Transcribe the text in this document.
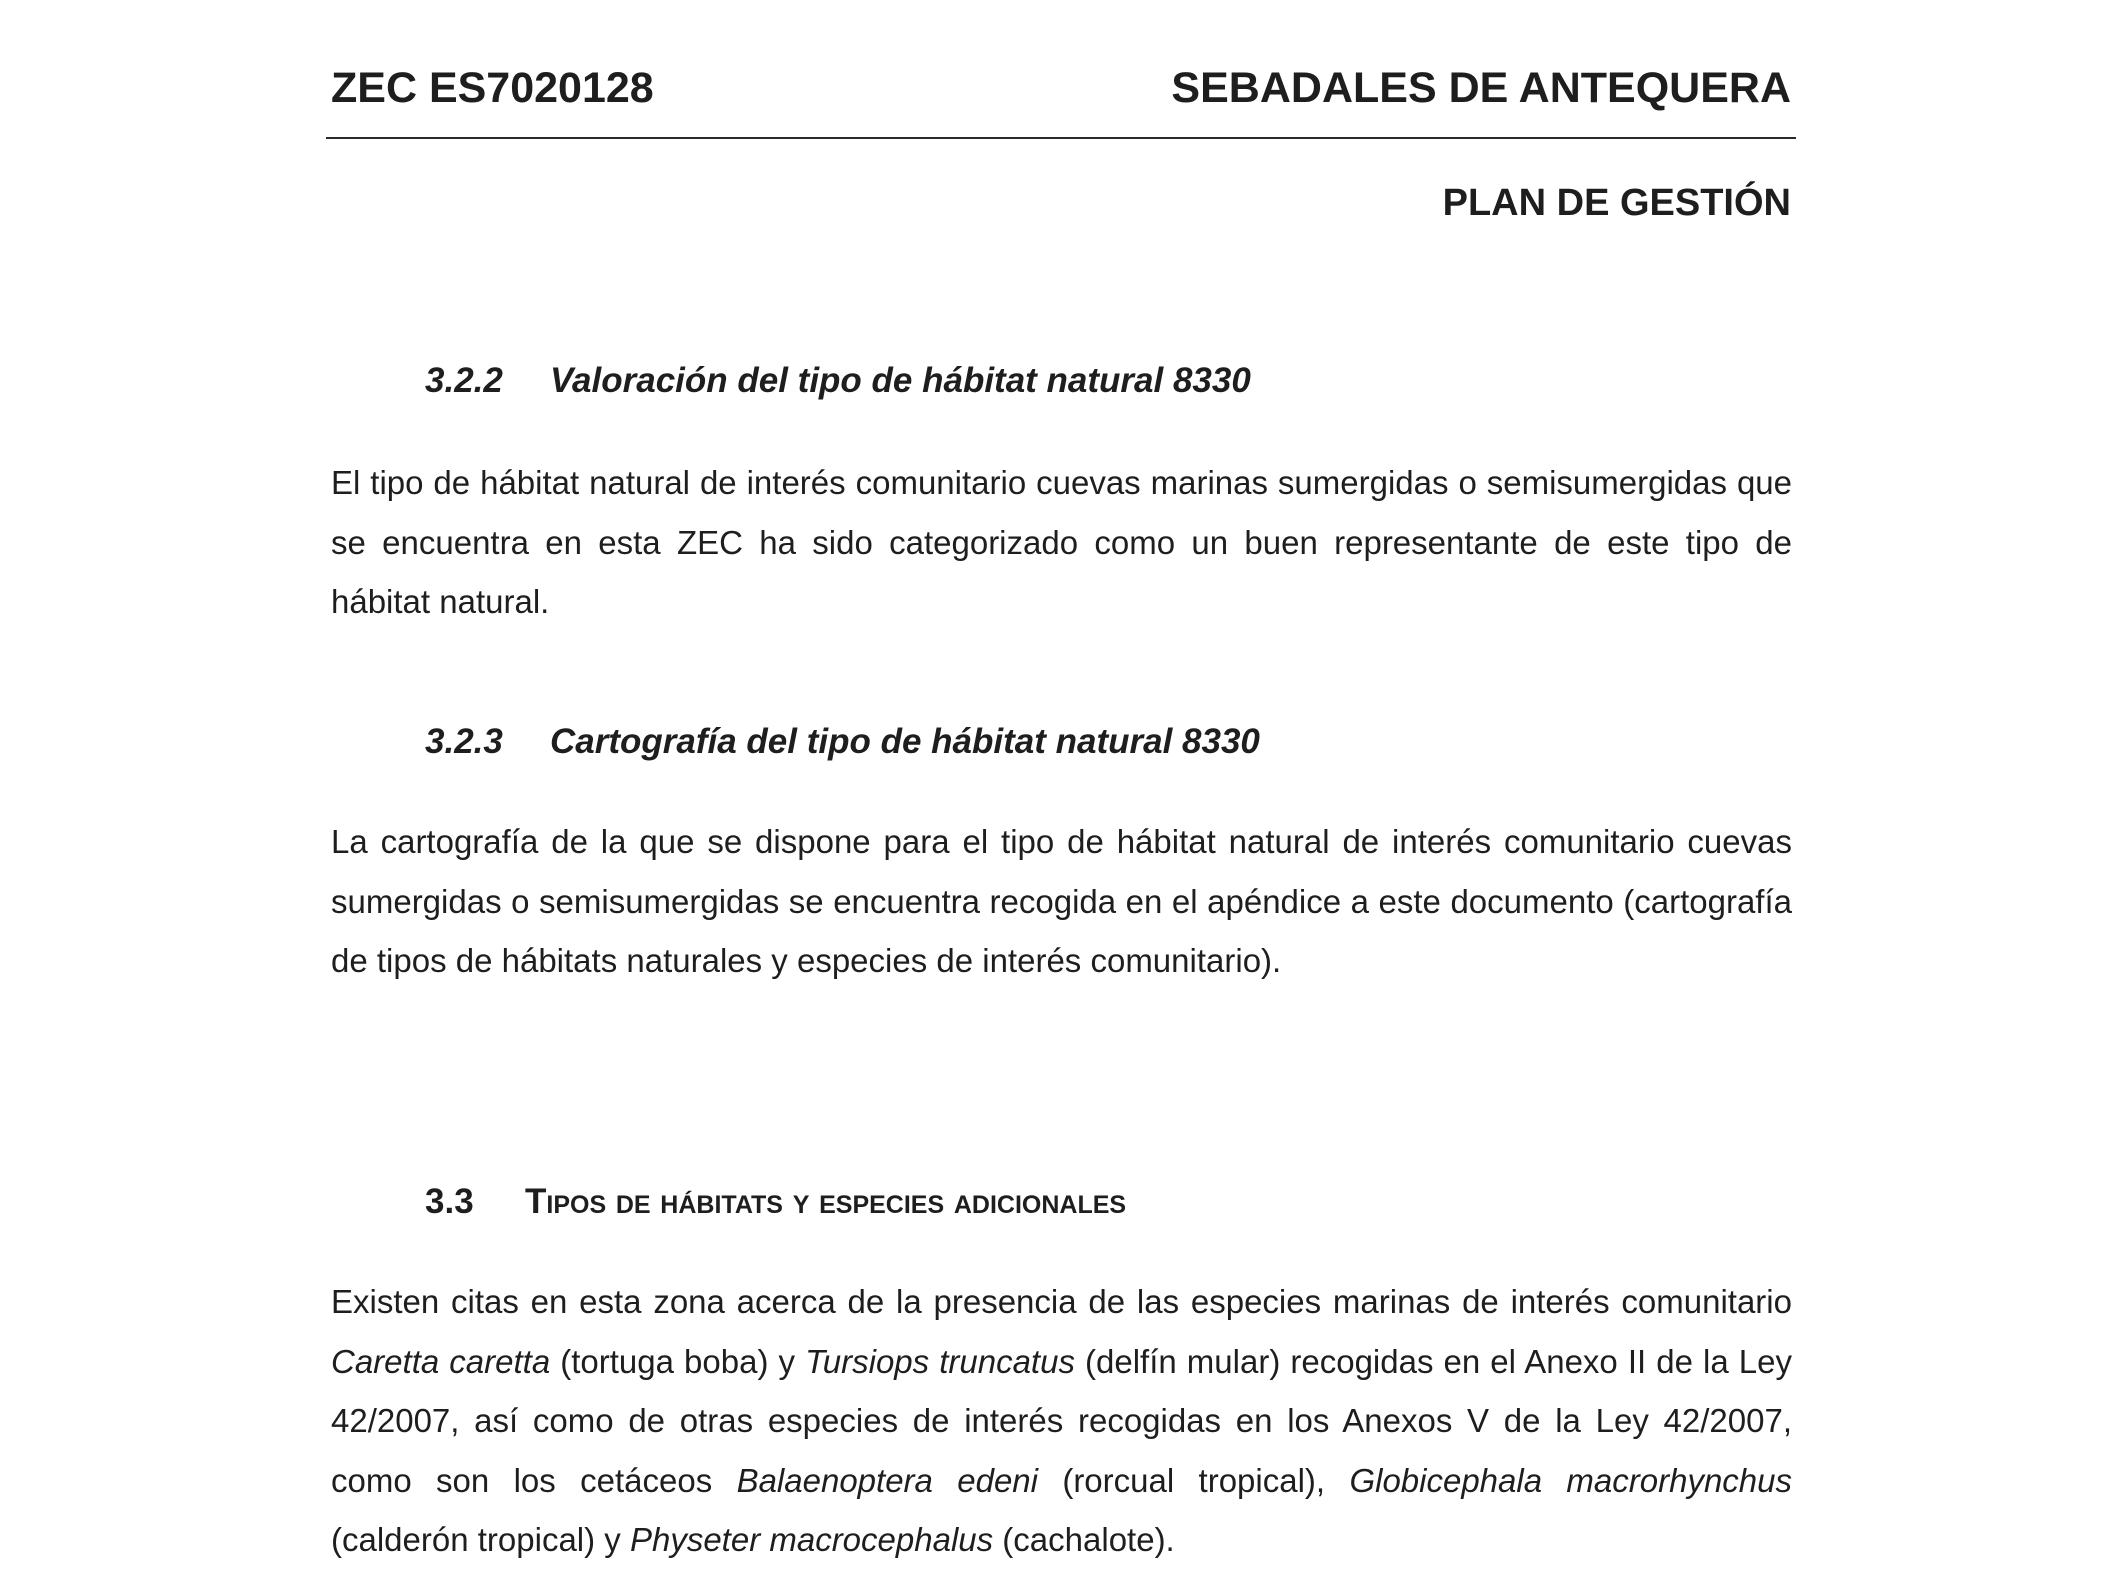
ZEC ES7020128	SEBADALES DE ANTEQUERA
PLAN DE GESTIÓN
3.2.2 Valoración del tipo de hábitat natural 8330
El tipo de hábitat natural de interés comunitario cuevas marinas sumergidas o semisumergidas que se encuentra en esta ZEC ha sido categorizado como un buen representante de este tipo de hábitat natural.
3.2.3 Cartografía del tipo de hábitat natural 8330
La cartografía de la que se dispone para el tipo de hábitat natural de interés comunitario cuevas sumergidas o semisumergidas se encuentra recogida en el apéndice a este documento (cartografía de tipos de hábitats naturales y especies de interés comunitario).
3.3 Tipos de hábitats y especies adicionales
Existen citas en esta zona acerca de la presencia de las especies marinas de interés comunitario Caretta caretta (tortuga boba) y Tursiops truncatus (delfín mular) recogidas en el Anexo II de la Ley 42/2007, así como de otras especies de interés recogidas en los Anexos V de la Ley 42/2007, como son los cetáceos Balaenoptera edeni (rorcual tropical), Globicephala macrorhynchus (calderón tropical) y Physeter macrocephalus (cachalote).
